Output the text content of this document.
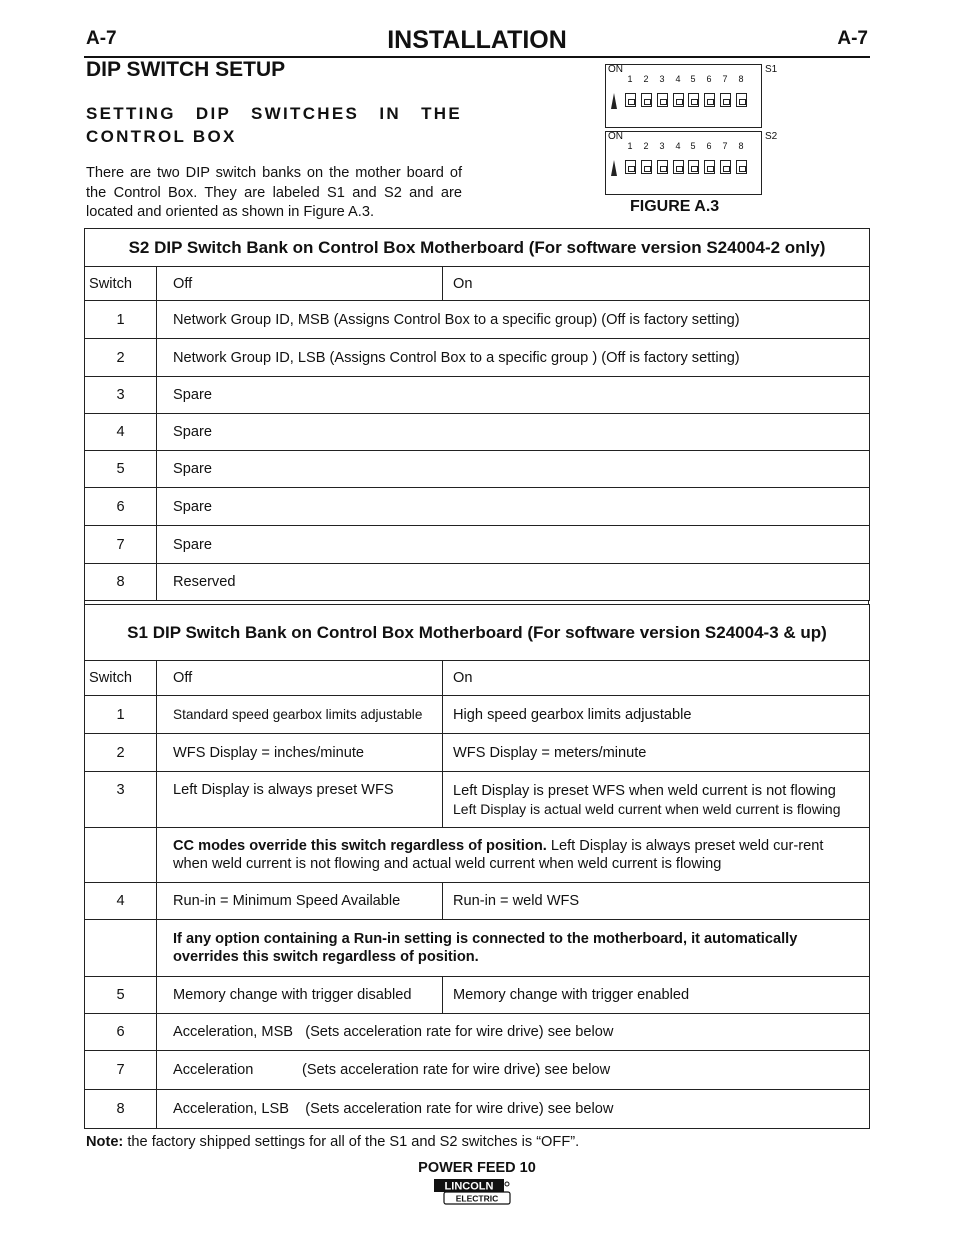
A-7	INSTALLATION	A-7
DIP SWITCH SETUP
SETTING DIP SWITCHES IN THE CONTROL BOX
There are two DIP switch banks on the mother board of the Control Box. They are labeled S1 and S2 and are located and oriented as shown in Figure A.3.
ON	S1
1 2 3 4 5 6 7 8
ON	S2
1 2 3 4 5 6 7 8
FIGURE A.3
S2 DIP Switch Bank on Control Box Motherboard (For software version S24004-2 only)		
Switch	Off	On
1	Network Group ID, MSB (Assigns Control Box to a specific group) (Off is factory setting)	
2	Network Group ID, LSB (Assigns Control Box to a specific group ) (Off is factory setting)	
3	Spare	
4	Spare	
5	Spare	
6	Spare	
7	Spare	
8	Reserved	
S1 DIP Switch Bank on Control Box Motherboard (For software version S24004-3 & up)		
Switch	Off	On
1	Standard speed gearbox limits adjustable	High speed gearbox limits adjustable
2	WFS Display = inches/minute	WFS Display = meters/minute
3	Left Display is always preset WFS	Left Display is preset WFS when weld current is not flowing
Left Display is actual weld current when weld current is flowing

	CC modes override this switch regardless of position. Left Display is always preset weld cur-rent when weld current is not flowing and actual weld current when weld current is flowing	
4	Run-in = Minimum Speed Available	Run-in = weld WFS
	If any option containing a Run-in setting is connected to the motherboard, it automatically overrides this switch regardless of position.	
5	Memory change with trigger disabled	Memory change with trigger enabled
6	Acceleration, MSB   (Sets acceleration rate for wire drive) see below	
7	Acceleration            (Sets acceleration rate for wire drive) see below	
8	Acceleration, LSB    (Sets acceleration rate for wire drive) see below	
Note: the factory shipped settings for all of the S1 and S2 switches is “OFF”.
POWER FEED 10
LINCOLN
ELECTRIC
